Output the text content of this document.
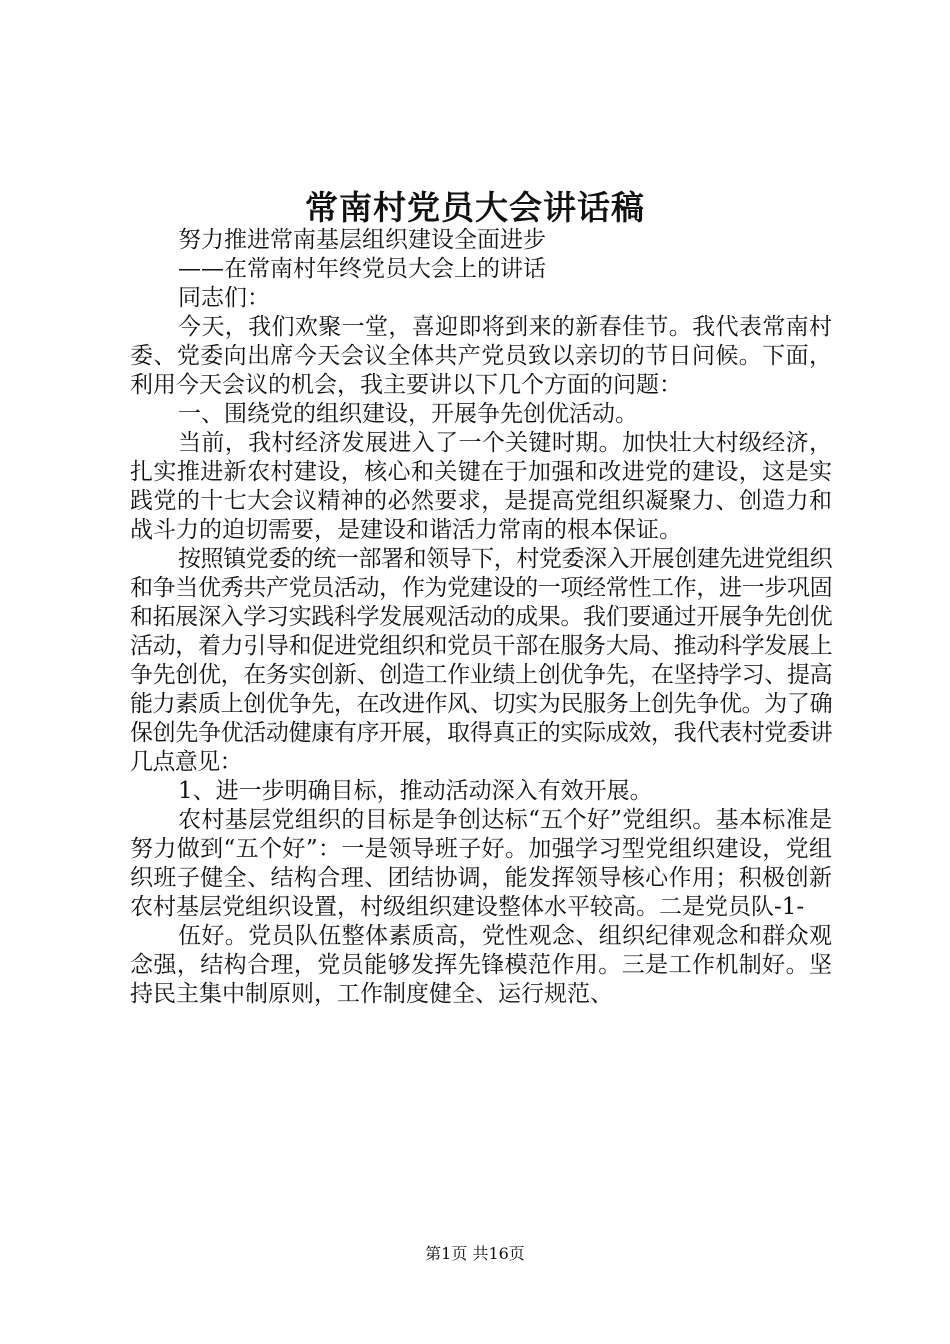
常南村党员大会讲话稿

努力推进常南基层组织建设全面进步

——在常南村年终党员大会上的讲话

同志们：

今天，我们欢聚一堂，喜迎即将到来的新春佳节。我代表常南村委、党委向出席今天会议全体共产党员致以亲切的节日问候。下面，利用今天会议的机会，我主要讲以下几个方面的问题：

一、围绕党的组织建设，开展争先创优活动。

当前，我村经济发展进入了一个关键时期。加快壮大村级经济，扎实推进新农村建设，核心和关键在于加强和改进党的建设，这是实践党的十七大会议精神的必然要求，是提高党组织凝聚力、创造力和战斗力的迫切需要，是建设和谐活力常南的根本保证。

按照镇党委的统一部署和领导下，村党委深入开展创建先进党组织和争当优秀共产党员活动，作为党建设的一项经常性工作，进一步巩固和拓展深入学习实践科学发展观活动的成果。我们要通过开展争先创优活动，着力引导和促进党组织和党员干部在服务大局、推动科学发展上争先创优，在务实创新、创造工作业绩上创优争先，在坚持学习、提高能力素质上创优争先，在改进作风、切实为民服务上创先争优。为了确保创先争优活动健康有序开展，取得真正的实际成效，我代表村党委讲几点意见：

1、进一步明确目标，推动活动深入有效开展。

农村基层党组织的目标是争创达标“五个好”党组织。基本标准是努力做到“五个好”：一是领导班子好。加强学习型党组织建设，党组织班子健全、结构合理、团结协调，能发挥领导核心作用；积极创新农村基层党组织设置，村级组织建设整体水平较高。二是党员队-1-

伍好。党员队伍整体素质高，党性观念、组织纪律观念和群众观念强，结构合理，党员能够发挥先锋模范作用。三是工作机制好。坚持民主集中制原则，工作制度健全、运行规范、

第1页 共16页
